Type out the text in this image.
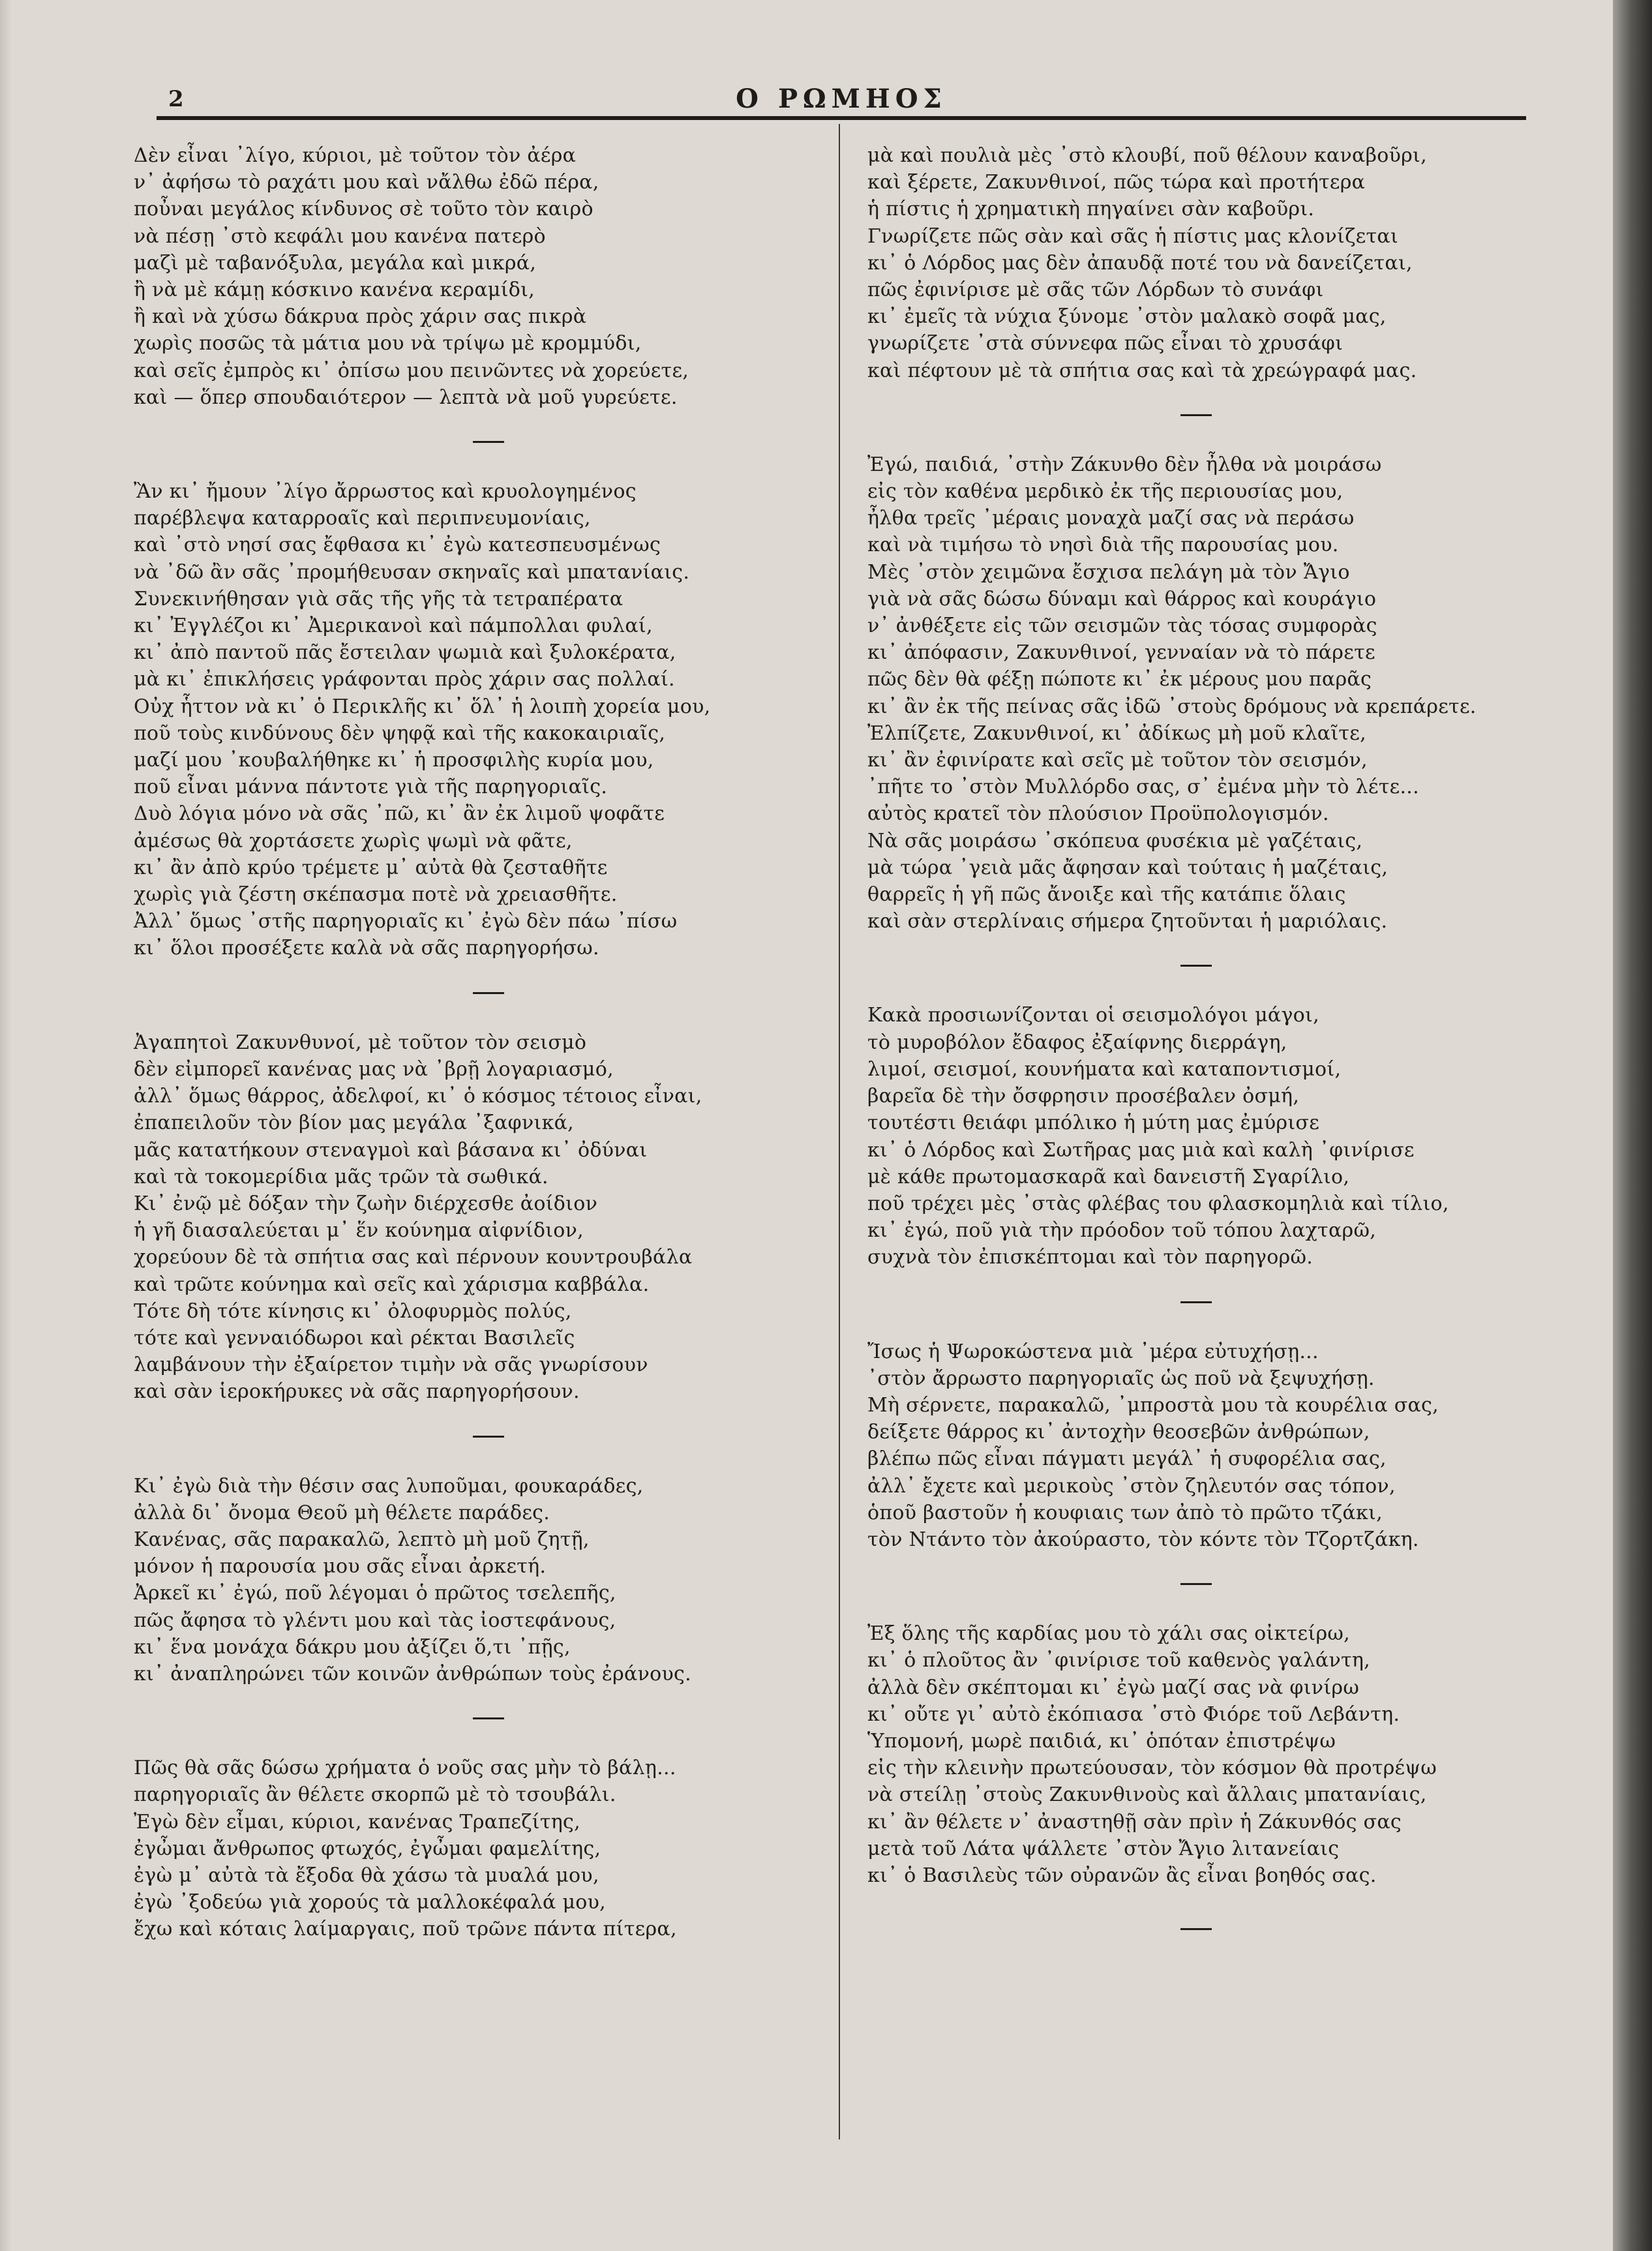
2	Ο ΡΩΜΗΟΣ
Δὲν εἶναι ᾽λίγο, κύριοι, μὲ τοῦτον τὸν ἀέρα
ν᾽ ἀφήσω τὸ ραχάτι μου καὶ νἄλθω ἐδῶ πέρα,
ποὖναι μεγάλος κίνδυνος σὲ τοῦτο τὸν καιρὸ
νὰ πέσῃ ᾽στὸ κεφάλι μου κανένα πατερὸ
μαζὶ μὲ ταβανόξυλα, μεγάλα καὶ μικρά,
ἢ νὰ μὲ κάμῃ κόσκινο κανένα κεραμίδι,
ἢ καὶ νὰ χύσω δάκρυα πρὸς χάριν σας πικρὰ
χωρὶς ποσῶς τὰ μάτια μου νὰ τρίψω μὲ κρομμύδι,
καὶ σεῖς ἐμπρὸς κι᾽ ὀπίσω μου πεινῶντες νὰ χορεύετε,
καὶ — ὅπερ σπουδαιότερον — λεπτὰ νὰ μοῦ γυρεύετε.
Ἂν κι᾽ ἤμουν ᾽λίγο ἄρρωστος καὶ κρυολογημένος
παρέβλεψα καταρροαῖς καὶ περιπνευμονίαις,
καὶ ᾽στὸ νησί σας ἔφθασα κι᾽ ἐγὼ κατεσπευσμένως
νὰ ᾽δῶ ἂν σᾶς ᾽προμήθευσαν σκηναῖς καὶ μπατανίαις.
Συνεκινήθησαν γιὰ σᾶς τῆς γῆς τὰ τετραπέρατα
κι᾽ Ἐγγλέζοι κι᾽ Ἀμερικανοὶ καὶ πάμπολλαι φυλαί,
κι᾽ ἀπὸ παντοῦ πᾶς ἔστειλαν ψωμιὰ καὶ ξυλοκέρατα,
μὰ κι᾽ ἐπικλήσεις γράφονται πρὸς χάριν σας πολλαί.
Οὐχ ἧττον νὰ κι᾽ ὁ Περικλῆς κι᾽ ὅλ᾽ ἡ λοιπὴ χορεία μου,
ποῦ τοὺς κινδύνους δὲν ψηφᾷ καὶ τῆς κακοκαιριαῖς,
μαζί μου ᾽κουβαλήθηκε κι᾽ ἡ προσφιλὴς κυρία μου,
ποῦ εἶναι μάννα πάντοτε γιὰ τῆς παρηγοριαῖς.
Δυὸ λόγια μόνο νὰ σᾶς ᾽πῶ, κι᾽ ἂν ἐκ λιμοῦ ψοφᾶτε
ἀμέσως θὰ χορτάσετε χωρὶς ψωμὶ νὰ φᾶτε,
κι᾽ ἂν ἀπὸ κρύο τρέμετε μ᾽ αὐτὰ θὰ ζεσταθῆτε
χωρὶς γιὰ ζέστη σκέπασμα ποτὲ νὰ χρειασθῆτε.
Ἀλλ᾽ ὅμως ᾽στῆς παρηγοριαῖς κι᾽ ἐγὼ δὲν πάω ᾽πίσω
κι᾽ ὅλοι προσέξετε καλὰ νὰ σᾶς παρηγορήσω.
Ἀγαπητοὶ Ζακυνθυνοί, μὲ τοῦτον τὸν σεισμὸ
δὲν εἰμπορεῖ κανένας μας νὰ ᾽βρῇ λογαριασμό,
ἀλλ᾽ ὅμως θάρρος, ἀδελφοί, κι᾽ ὁ κόσμος τέτοιος εἶναι,
ἐπαπειλοῦν τὸν βίον μας μεγάλα ᾽ξαφνικά,
μᾶς κατατήκουν στεναγμοὶ καὶ βάσανα κι᾽ ὀδύναι
καὶ τὰ τοκομερίδια μᾶς τρῶν τὰ σωθικά.
Κι᾽ ἐνῷ μὲ δόξαν τὴν ζωὴν διέρχεσθε ἀοίδιον
ἡ γῆ διασαλεύεται μ᾽ ἕν κούνημα αἰφνίδιον,
χορεύουν δὲ τὰ σπήτια σας καὶ πέρνουν κουντρουβάλα
καὶ τρῶτε κούνημα καὶ σεῖς καὶ χάρισμα καββάλα.
Τότε δὴ τότε κίνησις κι᾽ ὀλοφυρμὸς πολύς,
τότε καὶ γενναιόδωροι καὶ ρέκται Βασιλεῖς
λαμβάνουν τὴν ἐξαίρετον τιμὴν νὰ σᾶς γνωρίσουν
καὶ σὰν ἱεροκήρυκες νὰ σᾶς παρηγορήσουν.
Κι᾽ ἐγὼ διὰ τὴν θέσιν σας λυποῦμαι, φουκαράδες,
ἀλλὰ δι᾽ ὄνομα Θεοῦ μὴ θέλετε παράδες.
Κανένας, σᾶς παρακαλῶ, λεπτὸ μὴ μοῦ ζητῇ,
μόνον ἡ παρουσία μου σᾶς εἶναι ἀρκετή.
Ἀρκεῖ κι᾽ ἐγώ, ποῦ λέγομαι ὁ πρῶτος τσελεπῆς,
πῶς ἄφησα τὸ γλέντι μου καὶ τὰς ἰοστεφάνους,
κι᾽ ἕνα μονάχα δάκρυ μου ἀξίζει ὅ,τι ᾽πῇς,
κι᾽ ἀναπληρώνει τῶν κοινῶν ἀνθρώπων τοὺς ἐράνους.
Πῶς θὰ σᾶς δώσω χρήματα ὁ νοῦς σας μὴν τὸ βάλῃ...
παρηγοριαῖς ἂν θέλετε σκορπῶ μὲ τὸ τσουβάλι.
Ἐγὼ δὲν εἶμαι, κύριοι, κανένας Τραπεζίτης,
ἐγὦμαι ἄνθρωπος φτωχός, ἐγὦμαι φαμελίτης,
ἐγὼ μ᾽ αὐτὰ τὰ ἔξοδα θὰ χάσω τὰ μυαλά μου,
ἐγὼ ᾽ξοδεύω γιὰ χορούς τὰ μαλλοκέφαλά μου,
ἔχω καὶ κόταις λαίμαργαις, ποῦ τρῶνε πάντα πίτερα,
μὰ καὶ πουλιὰ μὲς ᾽στὸ κλουβί, ποῦ θέλουν καναβοῦρι,
καὶ ξέρετε, Ζακυνθινοί, πῶς τώρα καὶ προτήτερα
ἡ πίστις ἡ χρηματικὴ πηγαίνει σὰν καβοῦρι.
Γνωρίζετε πῶς σὰν καὶ σᾶς ἡ πίστις μας κλονίζεται
κι᾽ ὁ Λόρδος μας δὲν ἀπαυδᾷ ποτέ του νὰ δανείζεται,
πῶς ἐφινίρισε μὲ σᾶς τῶν Λόρδων τὸ συνάφι
κι᾽ ἐμεῖς τὰ νύχια ξύνομε ᾽στὸν μαλακὸ σοφᾶ μας,
γνωρίζετε ᾽στὰ σύννεφα πῶς εἶναι τὸ χρυσάφι
καὶ πέφτουν μὲ τὰ σπήτια σας καὶ τὰ χρεώγραφά μας.
Ἐγώ, παιδιά, ᾽στὴν Ζάκυνθο δὲν ἦλθα νὰ μοιράσω
εἰς τὸν καθένα μερδικὸ ἐκ τῆς περιουσίας μου,
ἦλθα τρεῖς ᾽μέραις μοναχὰ μαζί σας νὰ περάσω
καὶ νὰ τιμήσω τὸ νησὶ διὰ τῆς παρουσίας μου.
Μὲς ᾽στὸν χειμῶνα ἔσχισα πελάγη μὰ τὸν Ἄγιο
γιὰ νὰ σᾶς δώσω δύναμι καὶ θάρρος καὶ κουράγιο
ν᾽ ἀνθέξετε εἰς τῶν σεισμῶν τὰς τόσας συμφορὰς
κι᾽ ἀπόφασιν, Ζακυνθινοί, γενναίαν νὰ τὸ πάρετε
πῶς δὲν θὰ φέξῃ πώποτε κι᾽ ἐκ μέρους μου παρᾶς
κι᾽ ἂν ἐκ τῆς πείνας σᾶς ἰδῶ ᾽στοὺς δρόμους νὰ κρεπάρετε.
Ἐλπίζετε, Ζακυνθινοί, κι᾽ ἀδίκως μὴ μοῦ κλαῖτε,
κι᾽ ἂν ἐφινίρατε καὶ σεῖς μὲ τοῦτον τὸν σεισμόν,
᾽πῆτε το ᾽στὸν Μυλλόρδο σας, σ᾽ ἐμένα μὴν τὸ λέτε...
αὐτὸς κρατεῖ τὸν πλούσιον Προϋπολογισμόν.
Νὰ σᾶς μοιράσω ᾽σκόπευα φυσέκια μὲ γαζέταις,
μὰ τώρα ᾽γειὰ μᾶς ἄφησαν καὶ τούταις ἡ μαζέταις,
θαρρεῖς ἡ γῆ πῶς ἄνοιξε καὶ τῆς κατάπιε ὅλαις
καὶ σὰν στερλίναις σήμερα ζητοῦνται ἡ μαριόλαις.
Κακὰ προσιωνίζονται οἱ σεισμολόγοι μάγοι,
τὸ μυροβόλον ἔδαφος ἐξαίφνης διερράγη,
λιμοί, σεισμοί, κουνήματα καὶ καταποντισμοί,
βαρεῖα δὲ τὴν ὄσφρησιν προσέβαλεν ὀσμή,
τουτέστι θειάφι μπόλικο ἡ μύτη μας ἐμύρισε
κι᾽ ὁ Λόρδος καὶ Σωτῆρας μας μιὰ καὶ καλὴ ᾽φινίρισε
μὲ κάθε πρωτομασκαρᾶ καὶ δανειστῆ Σγαρίλιο,
ποῦ τρέχει μὲς ᾽στὰς φλέβας του φλασκομηλιὰ καὶ τίλιο,
κι᾽ ἐγώ, ποῦ γιὰ τὴν πρόοδον τοῦ τόπου λαχταρῶ,
συχνὰ τὸν ἐπισκέπτομαι καὶ τὸν παρηγορῶ.
Ἴσως ἡ Ψωροκώστενα μιὰ ᾽μέρα εὐτυχήσῃ...
᾽στὸν ἄρρωστο παρηγοριαῖς ὡς ποῦ νὰ ξεψυχήσῃ.
Μὴ σέρνετε, παρακαλῶ, ᾽μπροστὰ μου τὰ κουρέλια σας,
δείξετε θάρρος κι᾽ ἀντοχὴν θεοσεβῶν ἀνθρώπων,
βλέπω πῶς εἶναι πάγματι μεγάλ᾽ ἡ συφορέλια σας,
ἀλλ᾽ ἔχετε καὶ μερικοὺς ᾽στὸν ζηλευτόν σας τόπον,
ὁποῦ βαστοῦν ἡ κουφιαις των ἀπὸ τὸ πρῶτο τζάκι,
τὸν Ντάντο τὸν ἀκούραστο, τὸν κόντε τὸν Τζορτζάκη.
Ἐξ ὅλης τῆς καρδίας μου τὸ χάλι σας οἰκτείρω,
κι᾽ ὁ πλοῦτος ἂν ᾽φινίρισε τοῦ καθενὸς γαλάντη,
ἀλλὰ δὲν σκέπτομαι κι᾽ ἐγὼ μαζί σας νὰ φινίρω
κι᾽ οὔτε γι᾽ αὐτὸ ἐκόπιασα ᾽στὸ Φιόρε τοῦ Λεβάντη.
Ὑπομονή, μωρὲ παιδιά, κι᾽ ὁπόταν ἐπιστρέψω
εἰς τὴν κλεινὴν πρωτεύουσαν, τὸν κόσμον θὰ προτρέψω
νὰ στείλῃ ᾽στοὺς Ζακυνθινοὺς καὶ ἄλλαις μπατανίαις,
κι᾽ ἂν θέλετε ν᾽ ἀναστηθῇ σὰν πρὶν ἡ Ζάκυνθός σας
μετὰ τοῦ Λάτα ψάλλετε ᾽στὸν Ἄγιο λιτανείαις
κι᾽ ὁ Βασιλεὺς τῶν οὐρανῶν ἂς εἶναι βοηθός σας.
